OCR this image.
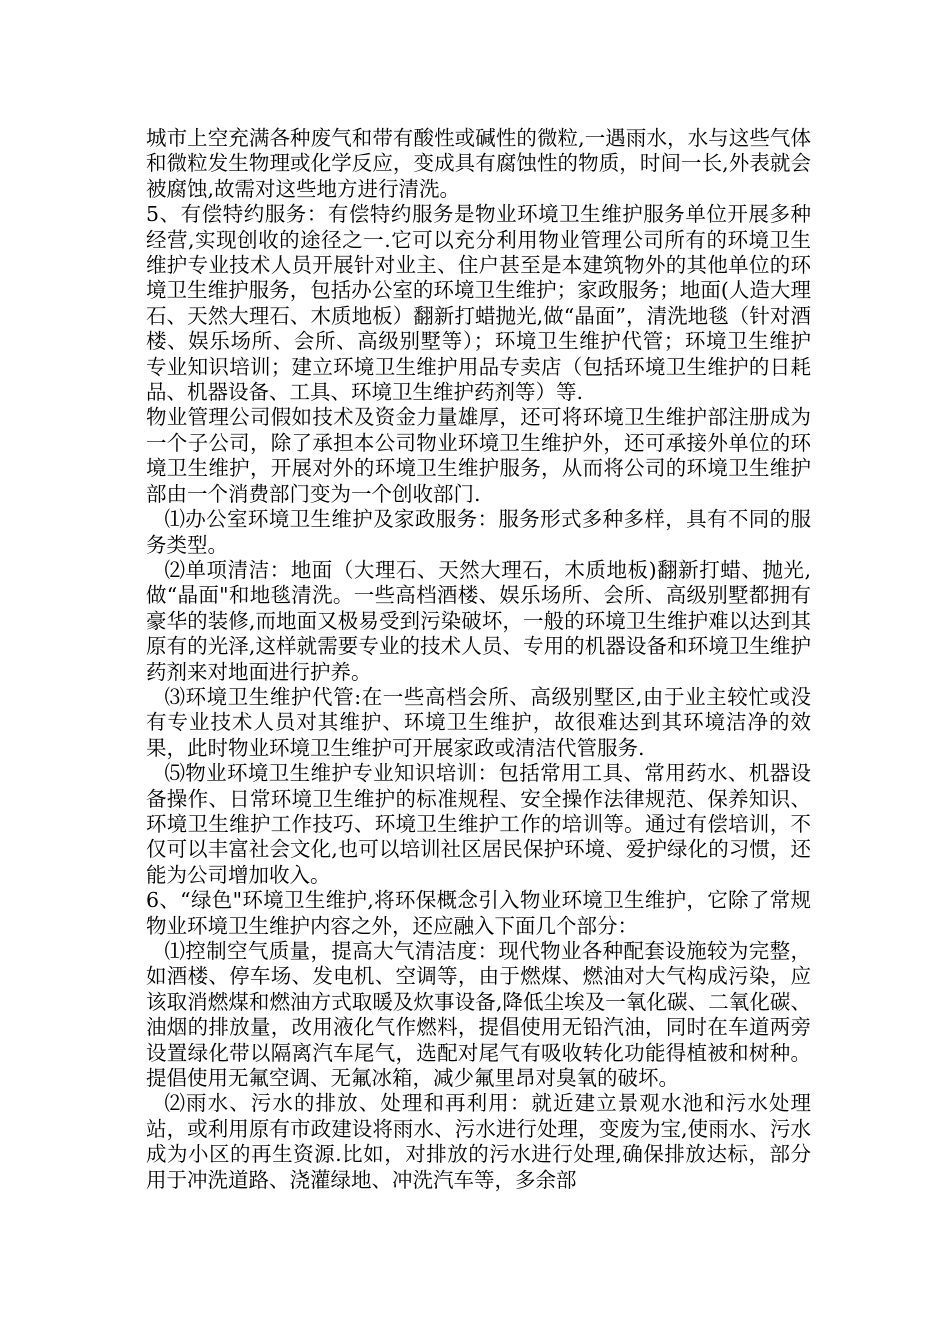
城市上空充满各种废气和带有酸性或碱性的微粒,一遇雨水，水与这些气体和微粒发生物理或化学反应，变成具有腐蚀性的物质，时间一长,外表就会被腐蚀,故需对这些地方进行清洗。

5、有偿特约服务：有偿特约服务是物业环境卫生维护服务单位开展多种经营,实现创收的途径之一.它可以充分利用物业管理公司所有的环境卫生维护专业技术人员开展针对业主、住户甚至是本建筑物外的其他单位的环境卫生维护服务，包括办公室的环境卫生维护；家政服务；地面(人造大理石、天然大理石、木质地板）翻新打蜡抛光,做“晶面”，清洗地毯（针对酒楼、娱乐场所、会所、高级别墅等）；环境卫生维护代管；环境卫生维护专业知识培训；建立环境卫生维护用品专卖店（包括环境卫生维护的日耗品、机器设备、工具、环境卫生维护药剂等）等.

物业管理公司假如技术及资金力量雄厚，还可将环境卫生维护部注册成为一个子公司，除了承担本公司物业环境卫生维护外，还可承接外单位的环境卫生维护，开展对外的环境卫生维护服务，从而将公司的环境卫生维护部由一个消费部门变为一个创收部门.

⑴办公室环境卫生维护及家政服务：服务形式多种多样，具有不同的服务类型。

⑵单项清洁：地面（大理石、天然大理石，木质地板)翻新打蜡、抛光,做“晶面"和地毯清洗。一些高档酒楼、娱乐场所、会所、高级别墅都拥有豪华的装修,而地面又极易受到污染破坏，一般的环境卫生维护难以达到其原有的光泽,这样就需要专业的技术人员、专用的机器设备和环境卫生维护药剂来对地面进行护养。

⑶环境卫生维护代管:在一些高档会所、高级别墅区,由于业主较忙或没有专业技术人员对其维护、环境卫生维护，故很难达到其环境洁净的效果，此时物业环境卫生维护可开展家政或清洁代管服务.

⑸物业环境卫生维护专业知识培训：包括常用工具、常用药水、机器设备操作、日常环境卫生维护的标准规程、安全操作法律规范、保养知识、环境卫生维护工作技巧、环境卫生维护工作的培训等。通过有偿培训，不仅可以丰富社会文化,也可以培训社区居民保护环境、爱护绿化的习惯，还能为公司增加收入。

6、“绿色"环境卫生维护,将环保概念引入物业环境卫生维护，它除了常规物业环境卫生维护内容之外，还应融入下面几个部分：

⑴控制空气质量，提高大气清洁度：现代物业各种配套设施较为完整，如酒楼、停车场、发电机、空调等，由于燃煤、燃油对大气构成污染，应该取消燃煤和燃油方式取暖及炊事设备,降低尘埃及一氧化碳、二氧化碳、油烟的排放量，改用液化气作燃料，提倡使用无铅汽油，同时在车道两旁设置绿化带以隔离汽车尾气，选配对尾气有吸收转化功能得植被和树种。提倡使用无氟空调、无氟冰箱，减少氟里昂对臭氧的破坏。

⑵雨水、污水的排放、处理和再利用：就近建立景观水池和污水处理站，或利用原有市政建设将雨水、污水进行处理，变废为宝,使雨水、污水成为小区的再生资源.比如，对排放的污水进行处理,确保排放达标，部分用于冲洗道路、浇灌绿地、冲洗汽车等，多余部
